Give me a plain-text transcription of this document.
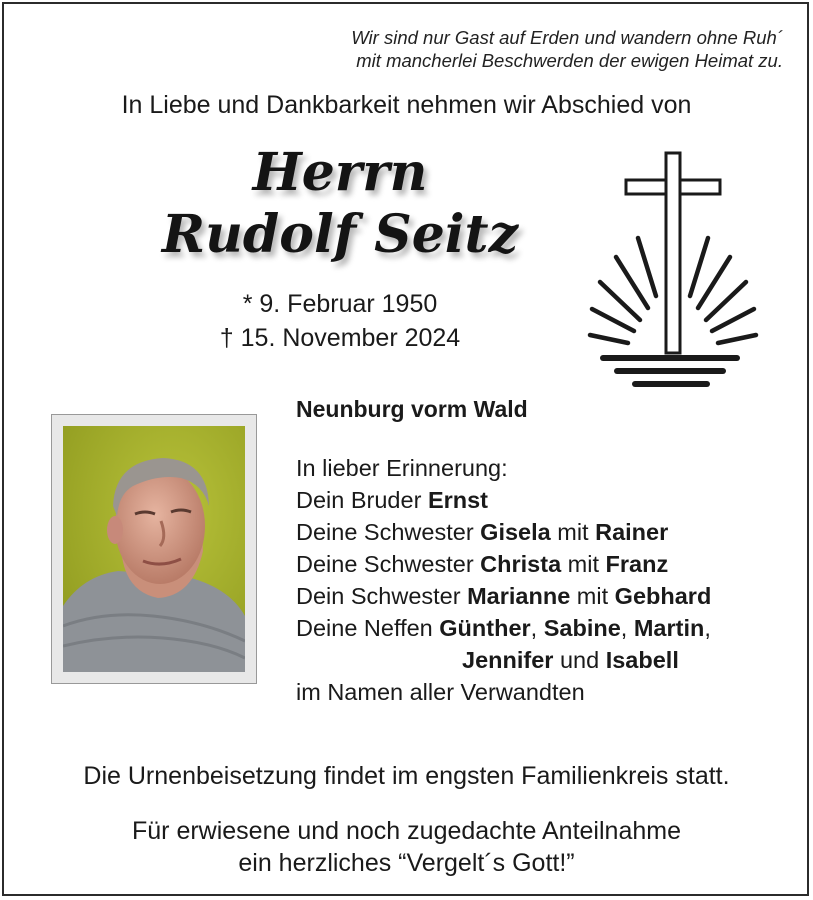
Wir sind nur Gast auf Erden und wandern ohne Ruh´
mit mancherlei Beschwerden der ewigen Heimat zu.
In Liebe und Dankbarkeit nehmen wir Abschied von
Herrn
Rudolf Seitz
* 9. Februar 1950
† 15. November 2024
Neunburg vorm Wald
In lieber Erinnerung:
Dein Bruder Ernst
Deine Schwester Gisela mit Rainer
Deine Schwester Christa mit Franz
Dein Schwester Marianne mit Gebhard
Deine Neffen Günther, Sabine, Martin,
Jennifer und Isabell
im Namen aller Verwandten
Die Urnenbeisetzung findet im engsten Familienkreis statt.
Für erwiesene und noch zugedachte Anteilnahme
ein herzliches “Vergelt´s Gott!”
